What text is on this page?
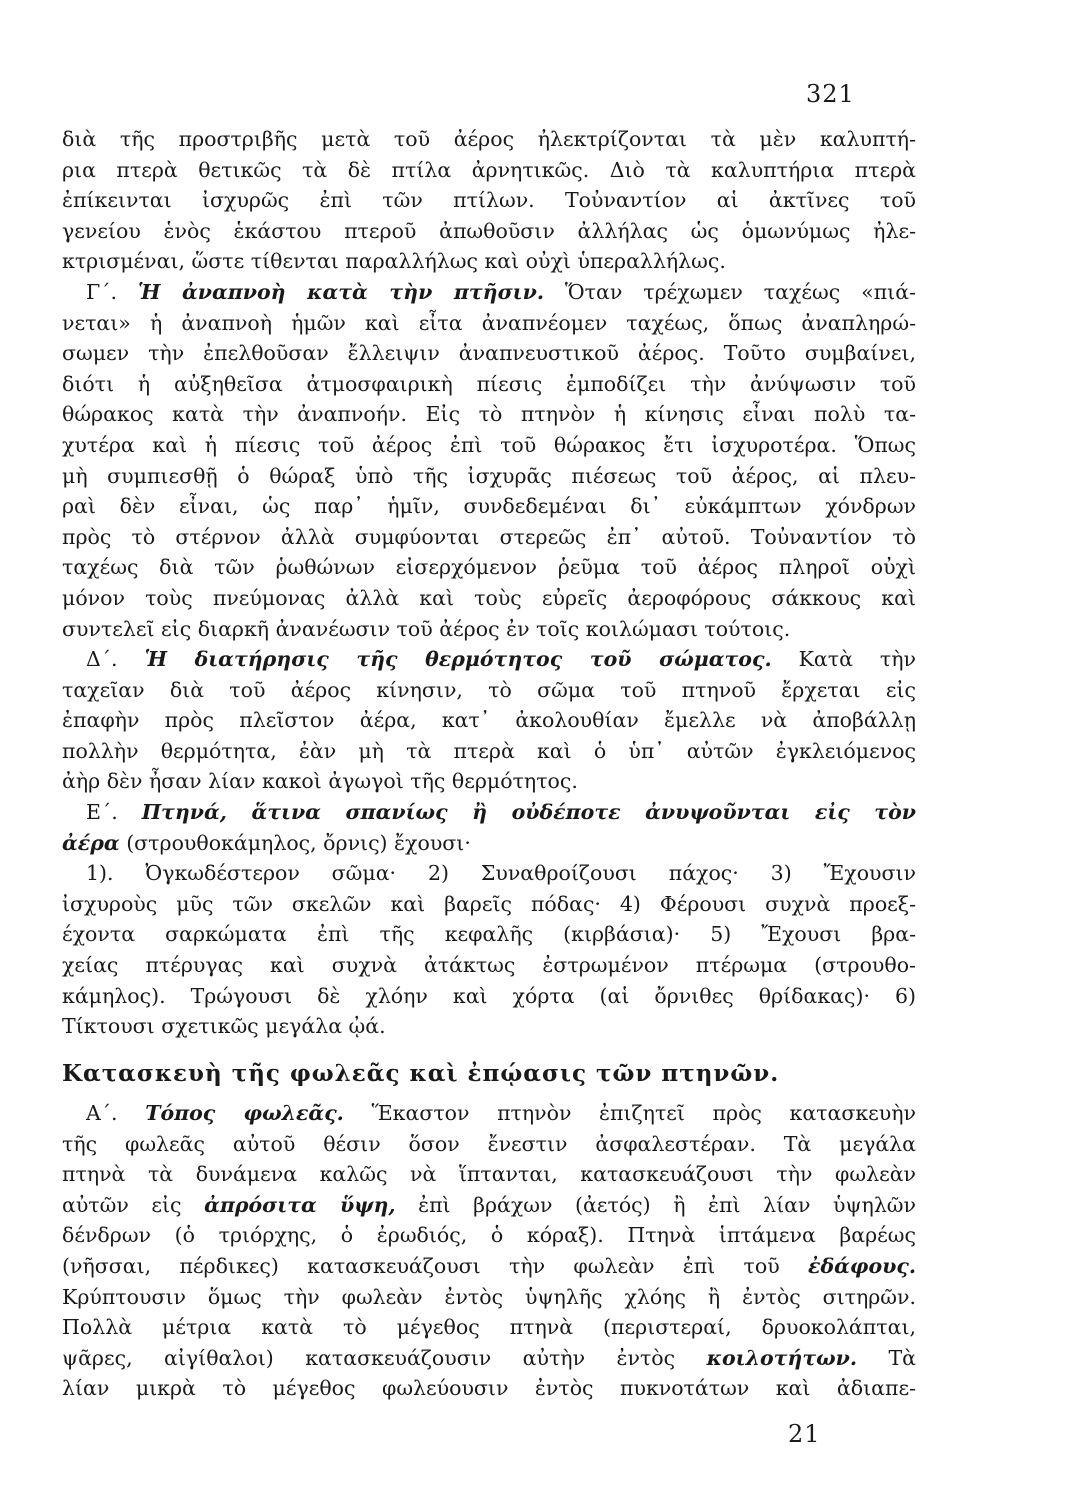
321
διὰ τῆς προστριβῆς μετὰ τοῦ ἀέρος ἠλεκτρίζονται τὰ μὲν καλυπτή-
ρια πτερὰ θετικῶς τὰ δὲ πτίλα ἀρνητικῶς. Διὸ τὰ καλυπτήρια πτερὰ
ἐπίκεινται ἰσχυρῶς ἐπὶ τῶν πτίλων. Τοὐναντίον αἱ ἀκτῖνες τοῦ
γενείου ἑνὸς ἑκάστου πτεροῦ ἀπωθοῦσιν ἀλλήλας ὡς ὁμωνύμως ἠλε-
κτρισμέναι, ὥστε τίθενται παραλλήλως καὶ οὐχὶ ὑπεραλλήλως.
Γ΄. Ἡ ἀναπνοὴ κατὰ τὴν πτῆσιν. Ὅταν τρέχωμεν ταχέως «πιά-
νεται» ἡ ἀναπνοὴ ἡμῶν καὶ εἶτα ἀναπνέομεν ταχέως, ὅπως ἀναπληρώ-
σωμεν τὴν ἐπελθοῦσαν ἔλλειψιν ἀναπνευστικοῦ ἀέρος. Τοῦτο συμβαίνει,
διότι ἡ αὐξηθεῖσα ἀτμοσφαιρικὴ πίεσις ἐμποδίζει τὴν ἀνύψωσιν τοῦ
θώρακος κατὰ τὴν ἀναπνοήν. Εἰς τὸ πτηνὸν ἡ κίνησις εἶναι πολὺ τα-
χυτέρα καὶ ἡ πίεσις τοῦ ἀέρος ἐπὶ τοῦ θώρακος ἔτι ἰσχυροτέρα. Ὅπως
μὴ συμπιεσθῇ ὁ θώραξ ὑπὸ τῆς ἰσχυρᾶς πιέσεως τοῦ ἀέρος, αἱ πλευ-
ραὶ δὲν εἶναι, ὡς παρ᾿ ἡμῖν, συνδεδεμέναι δι᾿ εὐκάμπτων χόνδρων
πρὸς τὸ στέρνον ἀλλὰ συμφύονται στερεῶς ἐπ᾿ αὐτοῦ. Τοὐναντίον τὸ
ταχέως διὰ τῶν ῥωθώνων εἰσερχόμενον ῥεῦμα τοῦ ἀέρος πληροῖ οὐχὶ
μόνον τοὺς πνεύμονας ἀλλὰ καὶ τοὺς εὐρεῖς ἀεροφόρους σάκκους καὶ
συντελεῖ εἰς διαρκῆ ἀνανέωσιν τοῦ ἀέρος ἐν τοῖς κοιλώμασι τούτοις.
Δ΄. Ἡ διατήρησις τῆς θερμότητος τοῦ σώματος. Κατὰ τὴν
ταχεῖαν διὰ τοῦ ἀέρος κίνησιν, τὸ σῶμα τοῦ πτηνοῦ ἔρχεται εἰς
ἐπαφὴν πρὸς πλεῖστον ἀέρα, κατ᾿ ἀκολουθίαν ἔμελλε νὰ ἀποβάλλῃ
πολλὴν θερμότητα, ἐὰν μὴ τὰ πτερὰ καὶ ὁ ὑπ᾿ αὐτῶν ἐγκλειόμενος
ἀὴρ δὲν ἦσαν λίαν κακοὶ ἀγωγοὶ τῆς θερμότητος.
Ε΄. Πτηνά, ἅτινα σπανίως ἢ οὐδέποτε ἀνυψοῦνται εἰς τὸν
ἀέρα (στρουθοκάμηλος, ὄρνις) ἔχουσι·
1). Ὀγκωδέστερον σῶμα· 2) Συναθροίζουσι πάχος· 3) Ἔχουσιν
ἰσχυροὺς μῦς τῶν σκελῶν καὶ βαρεῖς πόδας· 4) Φέρουσι συχνὰ προεξ-
έχοντα σαρκώματα ἐπὶ τῆς κεφαλῆς (κιρβάσια)· 5) Ἔχουσι βρα-
χείας πτέρυγας καὶ συχνὰ ἀτάκτως ἐστρωμένον πτέρωμα (στρουθο-
κάμηλος). Τρώγουσι δὲ χλόην καὶ χόρτα (αἱ ὄρνιθες θρίδακας)· 6)
Τίκτουσι σχετικῶς μεγάλα ᾠά.
Κατασκευὴ τῆς φωλεᾶς καὶ ἐπῴασις τῶν πτηνῶν.
Α΄. Τόπος φωλεᾶς. Ἕκαστον πτηνὸν ἐπιζητεῖ πρὸς κατασκευὴν
τῆς φωλεᾶς αὐτοῦ θέσιν ὅσον ἔνεστιν ἀσφαλεστέραν. Τὰ μεγάλα
πτηνὰ τὰ δυνάμενα καλῶς νὰ ἵπτανται, κατασκευάζουσι τὴν φωλεὰν
αὐτῶν εἰς ἀπρόσιτα ὕψη, ἐπὶ βράχων (ἀετός) ἢ ἐπὶ λίαν ὑψηλῶν
δένδρων (ὁ τριόρχης, ὁ ἐρωδιός, ὁ κόραξ). Πτηνὰ ἱπτάμενα βαρέως
(νῆσσαι, πέρδικες) κατασκευάζουσι τὴν φωλεὰν ἐπὶ τοῦ ἐδάφους.
Κρύπτουσιν ὅμως τὴν φωλεὰν ἐντὸς ὑψηλῆς χλόης ἢ ἐντὸς σιτηρῶν.
Πολλὰ μέτρια κατὰ τὸ μέγεθος πτηνὰ (περιστεραί, δρυοκολάπται,
ψᾶρες, αἰγίθαλοι) κατασκευάζουσιν αὐτὴν ἐντὸς κοιλοτήτων. Τὰ
λίαν μικρὰ τὸ μέγεθος φωλεύουσιν ἐντὸς πυκνοτάτων καὶ ἀδιαπε-
21
